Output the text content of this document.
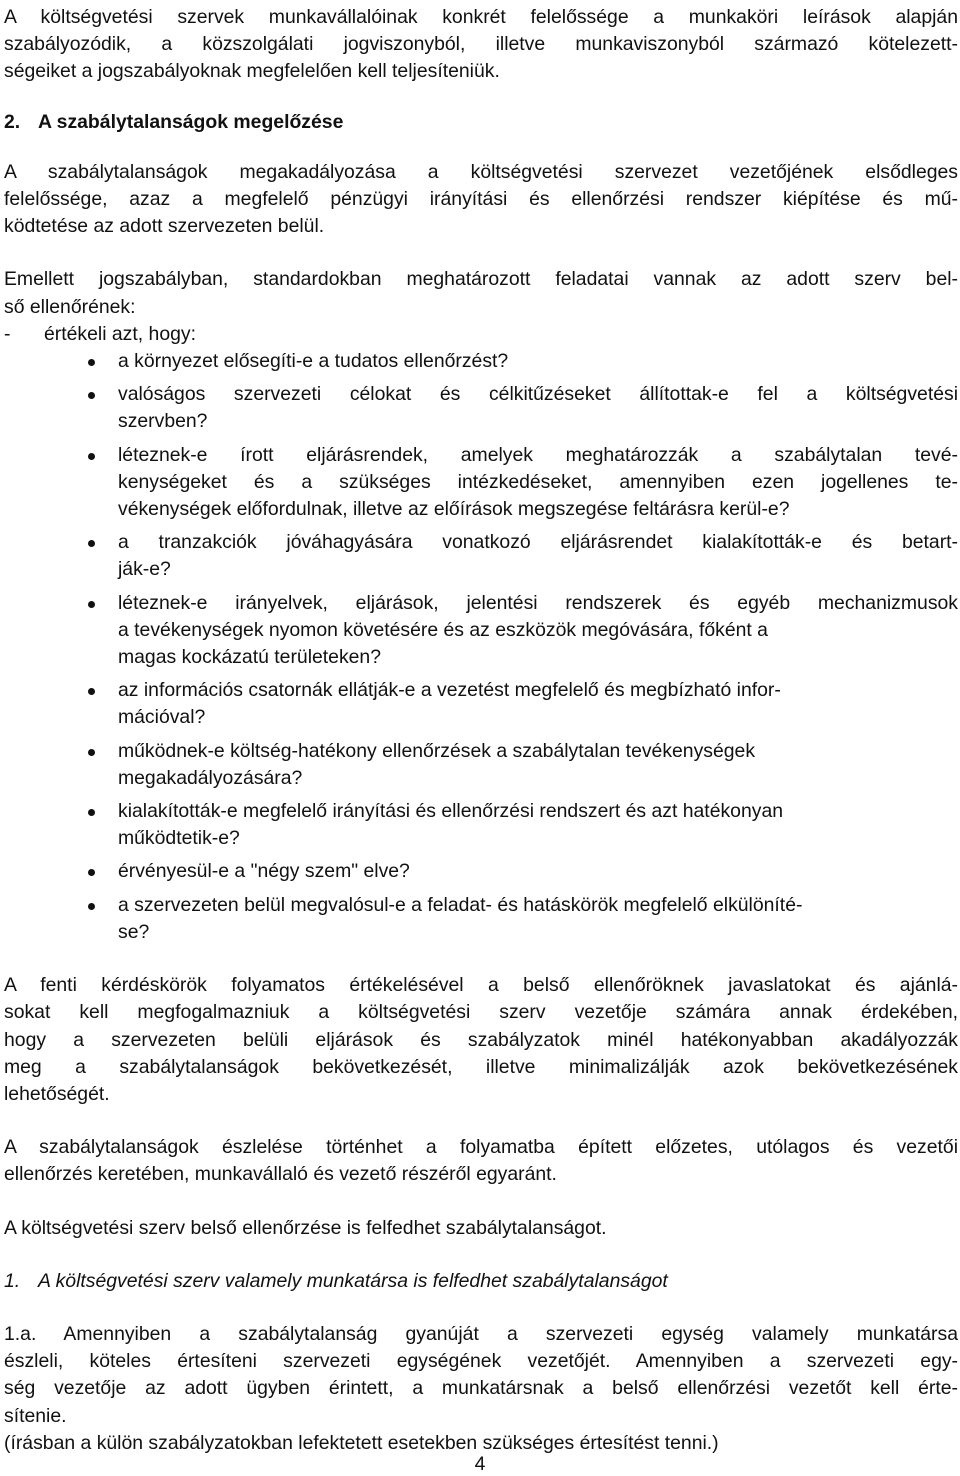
A költségvetési szervek munkavállalóinak konkrét felelőssége a munkaköri leírások alapján
szabályozódik, a közszolgálati jogviszonyból, illetve munkaviszonyból származó kötelezett-
ségeiket a jogszabályoknak megfelelően kell teljesíteniük.

2. A szabálytalanságok megelőzése

A szabálytalanságok megakadályozása a költségvetési szervezet vezetőjének elsődleges
felelőssége, azaz a megfelelő pénzügyi irányítási és ellenőrzési rendszer kiépítése és mű-
ködtetése az adott szervezeten belül.

Emellett jogszabályban, standardokban meghatározott feladatai vannak az adott szerv bel-
ső ellenőrének:
-	értékeli azt, hogy:

a környezet elősegíti-e a tudatos ellenőrzést?
valóságos szervezeti célokat és célkitűzéseket állítottak-e fel a költségvetési
szervben?
léteznek-e írott eljárásrendek, amelyek meghatározzák a szabálytalan tevé-
kenységeket és a szükséges intézkedéseket, amennyiben ezen jogellenes te-
vékenységek előfordulnak, illetve az előírások megszegése feltárásra kerül-e?
a tranzakciók jóváhagyására vonatkozó eljárásrendet kialakították-e és betart-
ják-e?
léteznek-e irányelvek, eljárások, jelentési rendszerek és egyéb mechanizmusok
a tevékenységek nyomon követésére és az eszközök megóvására, főként a
magas kockázatú területeken?
az információs csatornák ellátják-e a vezetést megfelelő és megbízható infor-
mációval?
működnek-e költség-hatékony ellenőrzések a szabálytalan tevékenységek
megakadályozására?
kialakították-e megfelelő irányítási és ellenőrzési rendszert és azt hatékonyan
működtetik-e?
érvényesül-e a "négy szem" elve?
a szervezeten belül megvalósul-e a feladat- és hatáskörök megfelelő elkülöníté-
se?

A fenti kérdéskörök folyamatos értékelésével a belső ellenőröknek javaslatokat és ajánlá-
sokat kell megfogalmazniuk a költségvetési szerv vezetője számára annak érdekében,
hogy a szervezeten belüli eljárások és szabályzatok minél hatékonyabban akadályozzák
meg a szabálytalanságok bekövetkezését, illetve minimalizálják azok bekövetkezésének
lehetőségét.

A szabálytalanságok észlelése történhet a folyamatba épített előzetes, utólagos és vezetői
ellenőrzés keretében, munkavállaló és vezető részéről egyaránt.

A költségvetési szerv belső ellenőrzése is felfedhet szabálytalanságot.

1. A költségvetési szerv valamely munkatársa is felfedhet szabálytalanságot

1.a. Amennyiben a szabálytalanság gyanúját a szervezeti egység valamely munkatársa
észleli, köteles értesíteni szervezeti egységének vezetőjét. Amennyiben a szervezeti egy-
ség vezetője az adott ügyben érintett, a munkatársnak a belső ellenőrzési vezetőt kell érte-
sítenie.
(írásban a külön szabályzatokban lefektetett esetekben szükséges értesítést tenni.)

4
